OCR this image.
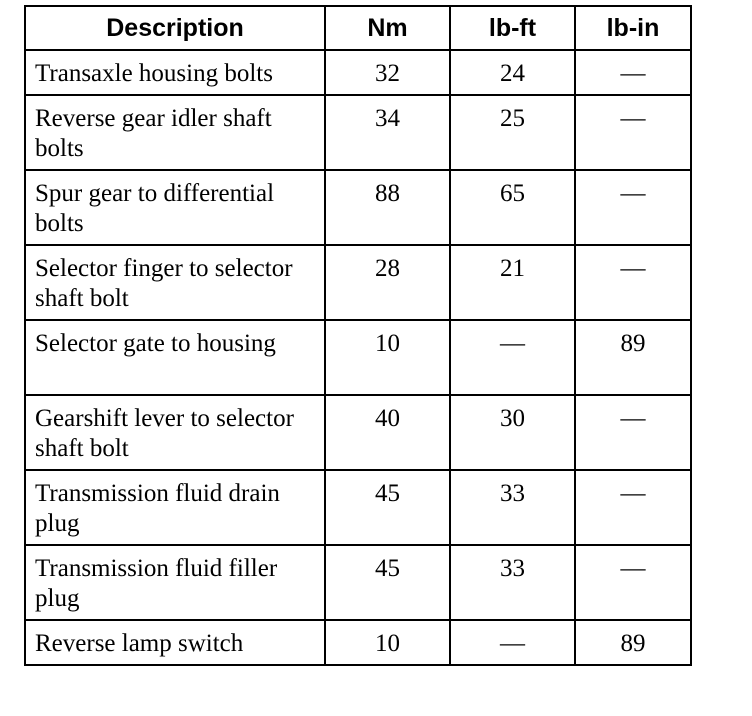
Description	Nm	lb-ft	lb-in
Transaxle housing bolts	32	24	—
Reverse gear idler shaft bolts	34	25	—
Spur gear to differential bolts	88	65	—
Selector finger to selector shaft bolt	28	21	—
Selector gate to housing	10	—	89
Gearshift lever to selector shaft bolt	40	30	—
Transmission fluid drain plug	45	33	—
Transmission fluid filler plug	45	33	—
Reverse lamp switch	10	—	89
